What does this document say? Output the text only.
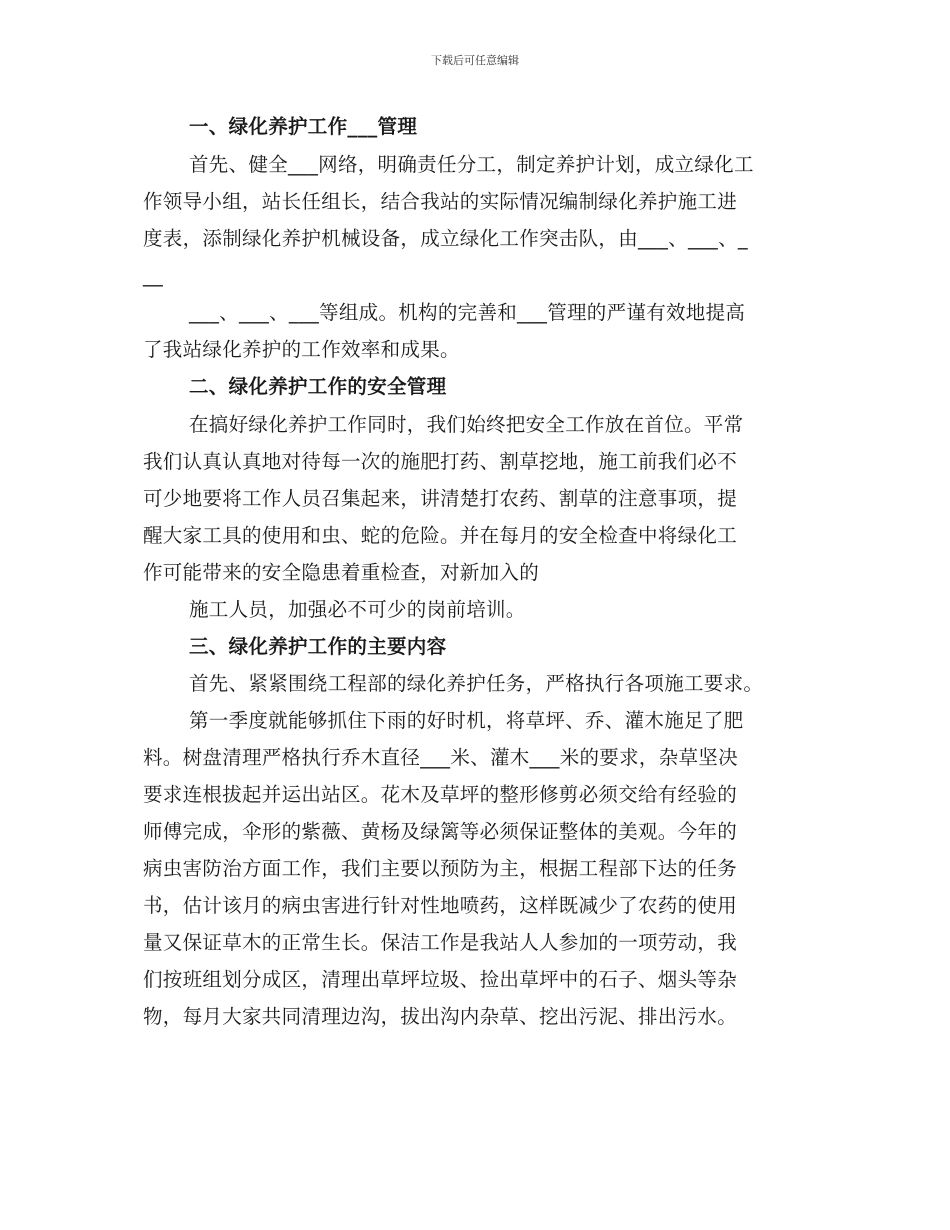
下载后可任意编辑
一、绿化养护工作___管理
首先、健全___网络，明确责任分工，制定养护计划，成立绿化工
作领导小组，站长任组长，结合我站的实际情况编制绿化养护施工进
度表，添制绿化养护机械设备，成立绿化工作突击队，由___、___、_
__
___、___、___等组成。机构的完善和___管理的严谨有效地提高
了我站绿化养护的工作效率和成果。
二、绿化养护工作的安全管理
在搞好绿化养护工作同时，我们始终把安全工作放在首位。平常
我们认真认真地对待每一次的施肥打药、割草挖地，施工前我们必不
可少地要将工作人员召集起来，讲清楚打农药、割草的注意事项，提
醒大家工具的使用和虫、蛇的危险。并在每月的安全检查中将绿化工
作可能带来的安全隐患着重检查，对新加入的
施工人员，加强必不可少的岗前培训。
三、绿化养护工作的主要内容
首先、紧紧围绕工程部的绿化养护任务，严格执行各项施工要求。
第一季度就能够抓住下雨的好时机，将草坪、乔、灌木施足了肥
料。树盘清理严格执行乔木直径___米、灌木___米的要求，杂草坚决
要求连根拔起并运出站区。花木及草坪的整形修剪必须交给有经验的
师傅完成，伞形的紫薇、黄杨及绿篱等必须保证整体的美观。今年的
病虫害防治方面工作，我们主要以预防为主，根据工程部下达的任务
书，估计该月的病虫害进行针对性地喷药，这样既减少了农药的使用
量又保证草木的正常生长。保洁工作是我站人人参加的一项劳动，我
们按班组划分成区，清理出草坪垃圾、捡出草坪中的石子、烟头等杂
物，每月大家共同清理边沟，拔出沟内杂草、挖出污泥、排出污水。
